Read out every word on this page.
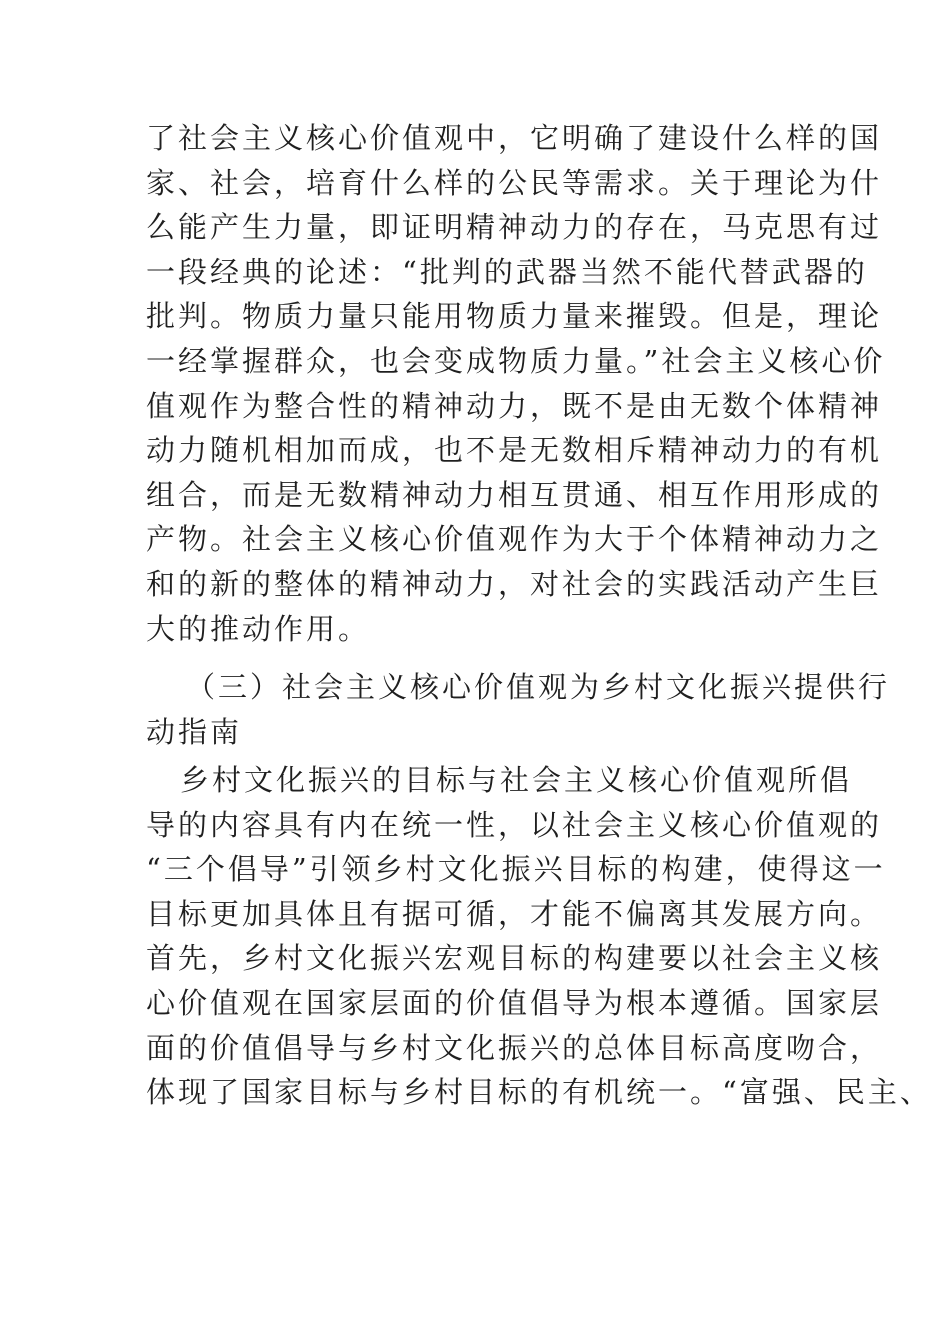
了社会主义核心价值观中，它明确了建设什么样的国
家、社会，培育什么样的公民等需求。关于理论为什
么能产生力量，即证明精神动力的存在，马克思有过
一段经典的论述：“批判的武器当然不能代替武器的
批判。物质力量只能用物质力量来摧毁。但是，理论
一经掌握群众，也会变成物质力量。”社会主义核心价
值观作为整合性的精神动力，既不是由无数个体精神
动力随机相加而成，也不是无数相斥精神动力的有机
组合，而是无数精神动力相互贯通、相互作用形成的
产物。社会主义核心价值观作为大于个体精神动力之
和的新的整体的精神动力，对社会的实践活动产生巨
大的推动作用。
（三）社会主义核心价值观为乡村文化振兴提供行
动指南
乡村文化振兴的目标与社会主义核心价值观所倡
导的内容具有内在统一性，以社会主义核心价值观的
“三个倡导”引领乡村文化振兴目标的构建，使得这一
目标更加具体且有据可循，才能不偏离其发展方向。
首先，乡村文化振兴宏观目标的构建要以社会主义核
心价值观在国家层面的价值倡导为根本遵循。国家层
面的价值倡导与乡村文化振兴的总体目标高度吻合，
体现了国家目标与乡村目标的有机统一。“富强、民主、
